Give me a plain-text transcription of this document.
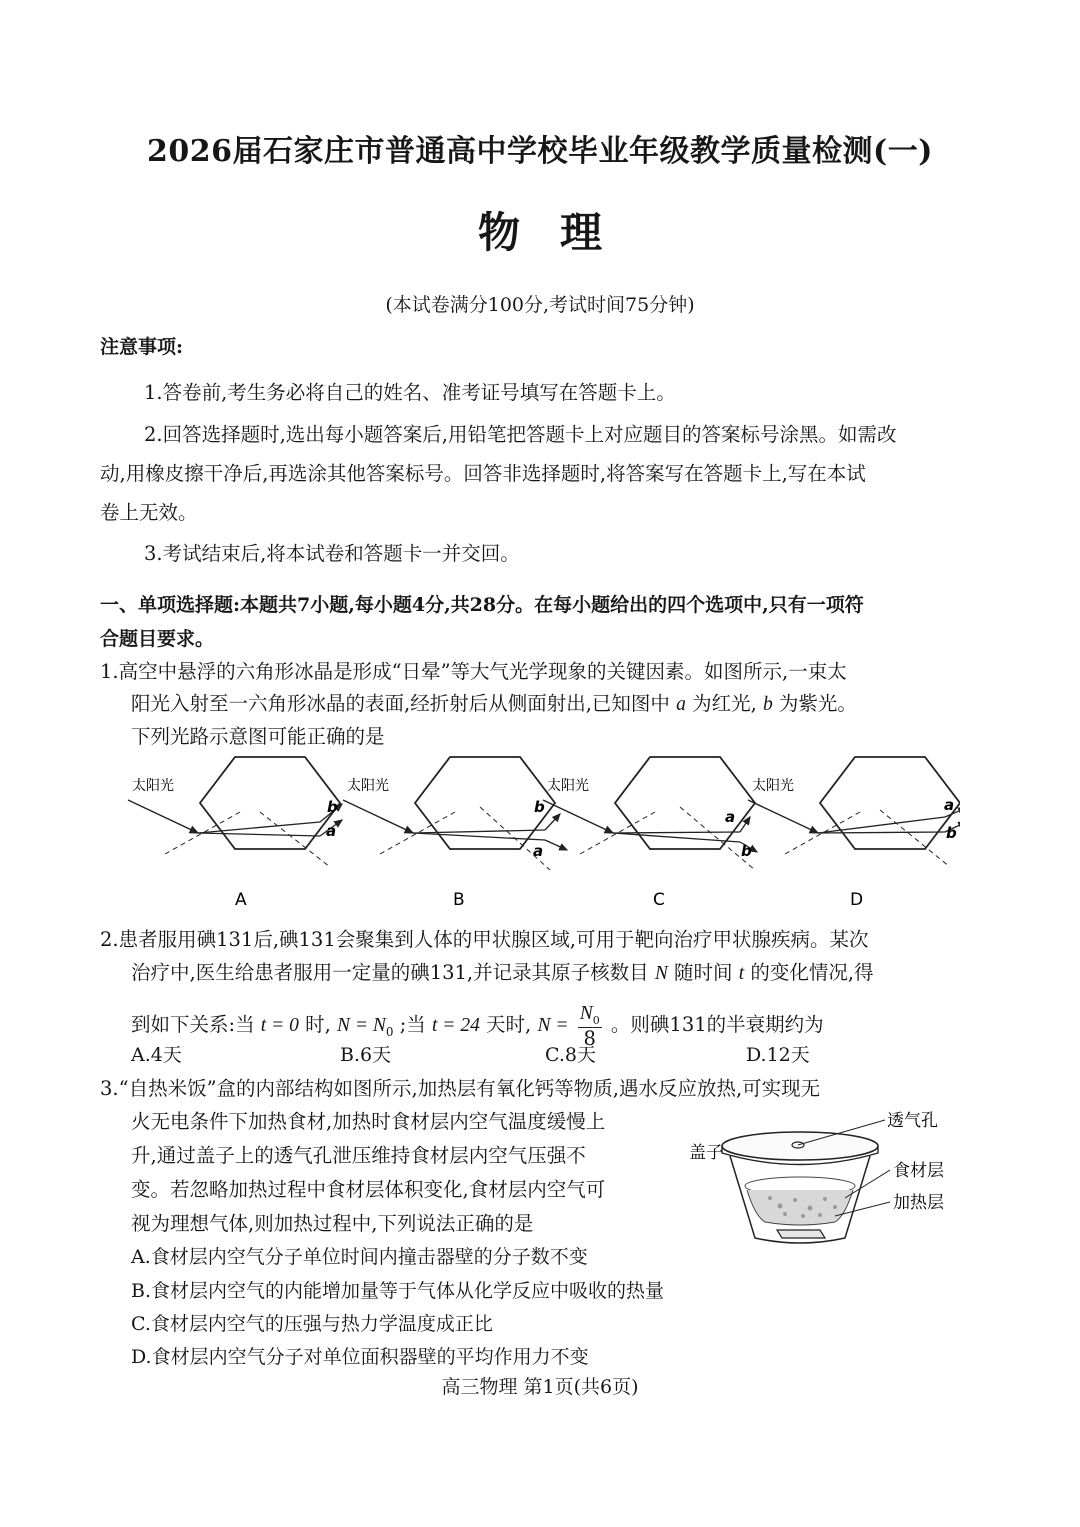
2026届石家庄市普通高中学校毕业年级教学质量检测(一)
物理
(本试卷满分100分,考试时间75分钟)
注意事项:
1.答卷前,考生务必将自己的姓名、准考证号填写在答题卡上。
2.回答选择题时,选出每小题答案后,用铅笔把答题卡上对应题目的答案标号涂黑。如需改
动,用橡皮擦干净后,再选涂其他答案标号。回答非选择题时,将答案写在答题卡上,写在本试
卷上无效。
3.考试结束后,将本试卷和答题卡一并交回。
一、单项选择题:本题共7小题,每小题4分,共28分。在每小题给出的四个选项中,只有一项符
合题目要求。
1.高空中悬浮的六角形冰晶是形成“日晕”等大气光学现象的关键因素。如图所示,一束太
阳光入射至一六角形冰晶的表面,经折射后从侧面射出,已知图中 a 为红光, b 为紫光。
下列光路示意图可能正确的是
太阳光
b
a
A
太阳光
b
a
B
太阳光
a
b
C
太阳光
a
b
D
2.患者服用碘131后,碘131会聚集到人体的甲状腺区域,可用于靶向治疗甲状腺疾病。某次
治疗中,医生给患者服用一定量的碘131,并记录其原子核数目 N 随时间 t 的变化情况,得
到如下关系:当 t = 0 时, $N = N_0$ ;当 t = 24 天时, $N = \frac{N_0}{8}$ 。则碘131的半衰期约为
A.4天	B.6天	C.8天	D.12天
3.“自热米饭”盒的内部结构如图所示,加热层有氧化钙等物质,遇水反应放热,可实现无
火无电条件下加热食材,加热时食材层内空气温度缓慢上
升,通过盖子上的透气孔泄压维持食材层内空气压强不
变。若忽略加热过程中食材层体积变化,食材层内空气可
视为理想气体,则加热过程中,下列说法正确的是
A.食材层内空气分子单位时间内撞击器壁的分子数不变
B.食材层内空气的内能增加量等于气体从化学反应中吸收的热量
C.食材层内空气的压强与热力学温度成正比
D.食材层内空气分子对单位面积器壁的平均作用力不变
透气孔
盖子
食材层
加热层
高三物理 第1页(共6页)
